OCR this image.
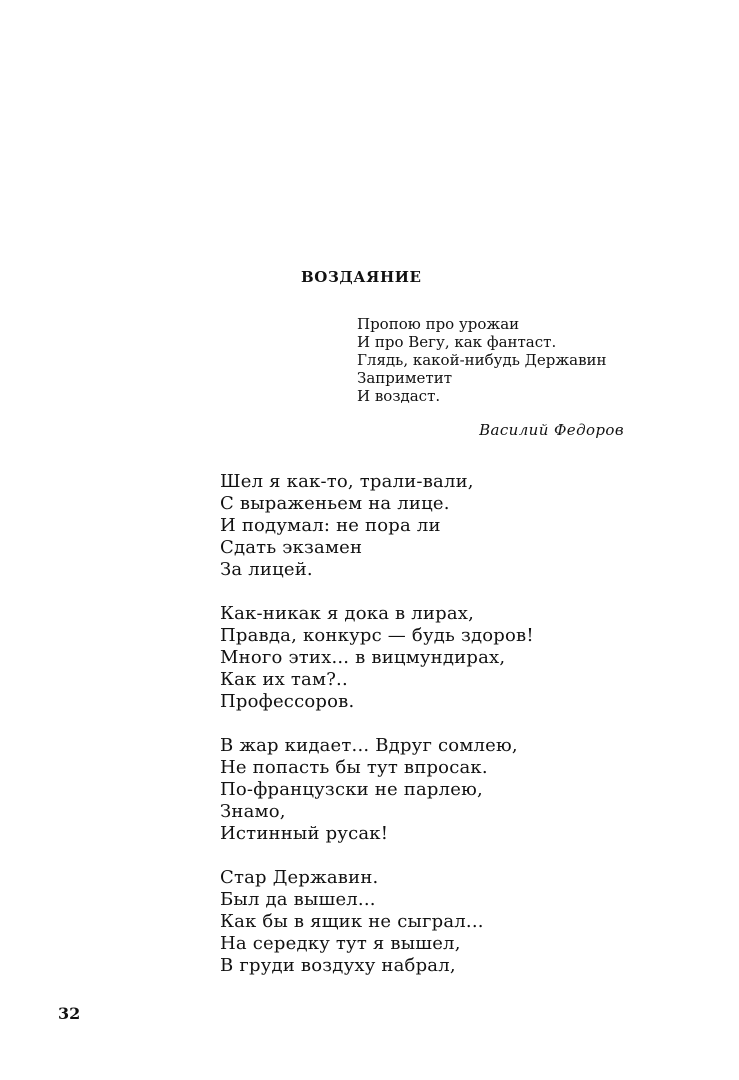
ВОЗДАЯНИЕ
Пропою про урожаи
И про Вегу, как фантаст.
Глядь, какой-нибудь Державин
Заприметит
И воздаст.
Василий Федоров
Шел я как-то, трали-вали,
С выраженьем на лице.
И подумал: не пора ли
Сдать экзамен
За лицей.
Как-никак я дока в лирах,
Правда, конкурс — будь здоров!
Много этих... в вицмундирах,
Как их там?..
Профессоров.
В жар кидает... Вдруг сомлею,
Не попасть бы тут впросак.
По-французски не парлею,
Знамо,
Истинный русак!
Стар Державин.
Был да вышел...
Как бы в ящик не сыграл...
На середку тут я вышел,
В груди воздуху набрал,
32
